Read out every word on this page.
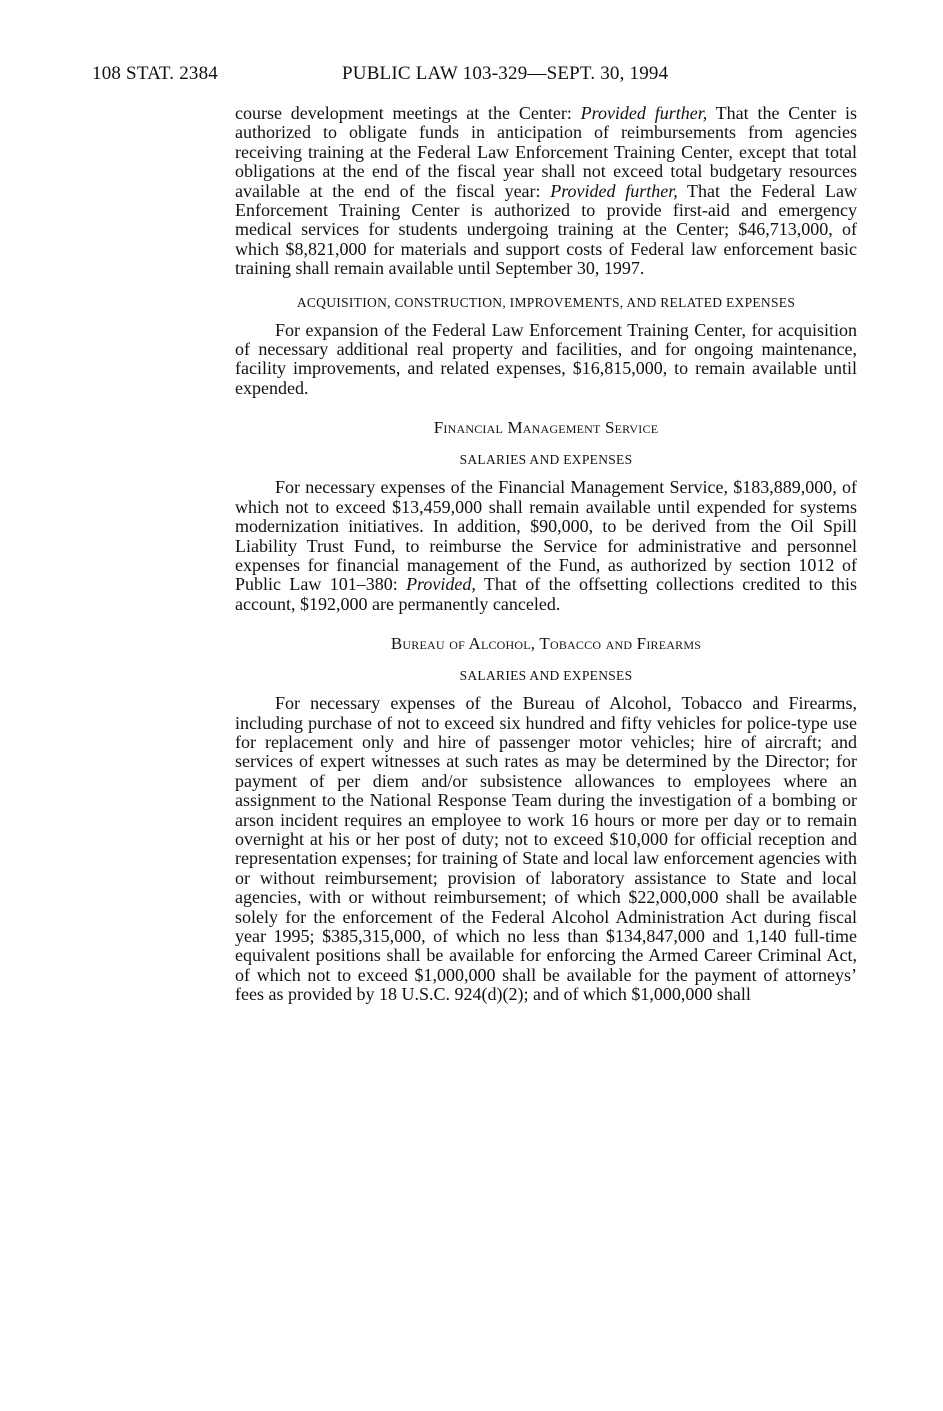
108 STAT. 2384	PUBLIC LAW 103-329—SEPT. 30, 1994

course development meetings at the Center: Provided further, That the Center is authorized to obligate funds in anticipation of reimbursements from agencies receiving training at the Federal Law Enforcement Training Center, except that total obligations at the end of the fiscal year shall not exceed total budgetary resources available at the end of the fiscal year: Provided further, That the Federal Law Enforcement Training Center is authorized to provide first-aid and emergency medical services for students undergoing training at the Center; $46,713,000, of which $8,821,000 for materials and support costs of Federal law enforcement basic training shall remain available until September 30, 1997.

ACQUISITION, CONSTRUCTION, IMPROVEMENTS, AND RELATED EXPENSES

For expansion of the Federal Law Enforcement Training Center, for acquisition of necessary additional real property and facilities, and for ongoing maintenance, facility improvements, and related expenses, $16,815,000, to remain available until expended.

Financial Management Service
SALARIES AND EXPENSES

For necessary expenses of the Financial Management Service, $183,889,000, of which not to exceed $13,459,000 shall remain available until expended for systems modernization initiatives. In addition, $90,000, to be derived from the Oil Spill Liability Trust Fund, to reimburse the Service for administrative and personnel expenses for financial management of the Fund, as authorized by section 1012 of Public Law 101–380: Provided, That of the offsetting collections credited to this account, $192,000 are permanently canceled.

Bureau of Alcohol, Tobacco and Firearms
SALARIES AND EXPENSES

For necessary expenses of the Bureau of Alcohol, Tobacco and Firearms, including purchase of not to exceed six hundred and fifty vehicles for police-type use for replacement only and hire of passenger motor vehicles; hire of aircraft; and services of expert witnesses at such rates as may be determined by the Director; for payment of per diem and/or subsistence allowances to employees where an assignment to the National Response Team during the investigation of a bombing or arson incident requires an employee to work 16 hours or more per day or to remain overnight at his or her post of duty; not to exceed $10,000 for official reception and representation expenses; for training of State and local law enforcement agencies with or without reimbursement; provision of laboratory assistance to State and local agencies, with or without reimbursement; of which $22,000,000 shall be available solely for the enforcement of the Federal Alcohol Administration Act during fiscal year 1995; $385,315,000, of which no less than $134,847,000 and 1,140 full-time equivalent positions shall be available for enforcing the Armed Career Criminal Act, of which not to exceed $1,000,000 shall be available for the payment of attorneys’ fees as provided by 18 U.S.C. 924(d)(2); and of which $1,000,000 shall
